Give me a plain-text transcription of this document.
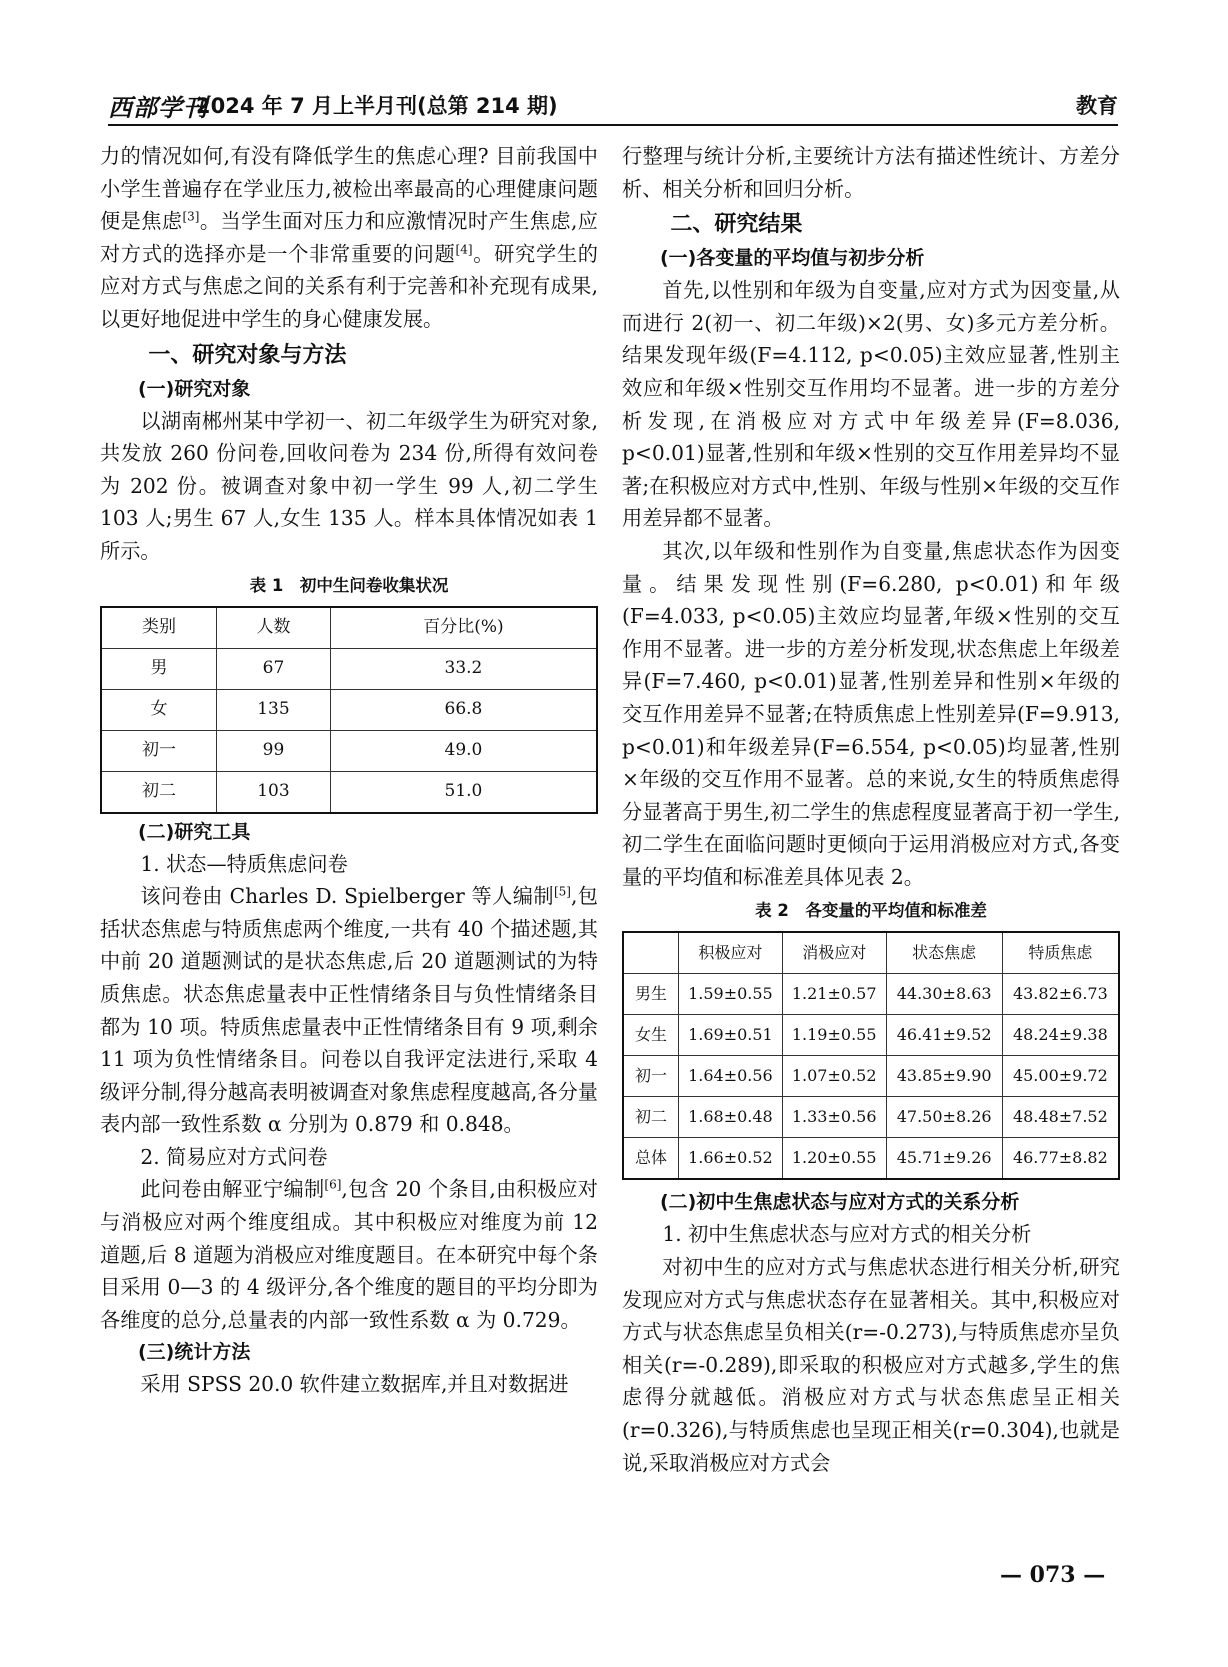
西部学刊
2024 年 7 月上半月刊(总第 214 期)	教育

力的情况如何,有没有降低学生的焦虑心理? 目前我国中小学生普遍存在学业压力,被检出率最高的心理健康问题便是焦虑[3]。当学生面对压力和应激情况时产生焦虑,应对方式的选择亦是一个非常重要的问题[4]。研究学生的应对方式与焦虑之间的关系有利于完善和补充现有成果,以更好地促进中学生的身心健康发展。

一、研究对象与方法
(一)研究对象

以湖南郴州某中学初一、初二年级学生为研究对象,共发放 260 份问卷,回收问卷为 234 份,所得有效问卷为 202 份。被调查对象中初一学生 99 人,初二学生 103 人;男生 67 人,女生 135 人。样本具体情况如表 1 所示。

表 1　初中生问卷收集状况
类别	人数	百分比(%)
男	67	33.2
女	135	66.8
初一	99	49.0
初二	103	51.0
(二)研究工具

1. 状态—特质焦虑问卷

该问卷由 Charles D. Spielberger 等人编制[5],包括状态焦虑与特质焦虑两个维度,一共有 40 个描述题,其中前 20 道题测试的是状态焦虑,后 20 道题测试的为特质焦虑。状态焦虑量表中正性情绪条目与负性情绪条目都为 10 项。特质焦虑量表中正性情绪条目有 9 项,剩余 11 项为负性情绪条目。问卷以自我评定法进行,采取 4 级评分制,得分越高表明被调查对象焦虑程度越高,各分量表内部一致性系数 α 分别为 0.879 和 0.848。

2. 简易应对方式问卷

此问卷由解亚宁编制[6],包含 20 个条目,由积极应对与消极应对两个维度组成。其中积极应对维度为前 12 道题,后 8 道题为消极应对维度题目。在本研究中每个条目采用 0—3 的 4 级评分,各个维度的题目的平均分即为各维度的总分,总量表的内部一致性系数 α 为 0.729。

(三)统计方法

采用 SPSS 20.0 软件建立数据库,并且对数据进

行整理与统计分析,主要统计方法有描述性统计、方差分析、相关分析和回归分析。

二、研究结果
(一)各变量的平均值与初步分析

首先,以性别和年级为自变量,应对方式为因变量,从而进行 2(初一、初二年级)×2(男、女)多元方差分析。结果发现年级(F=4.112, p<0.05)主效应显著,性别主效应和年级×性别交互作用均不显著。进一步的方差分析发现,在消极应对方式中年级差异(F=8.036, p<0.01)显著,性别和年级×性别的交互作用差异均不显著;在积极应对方式中,性别、年级与性别×年级的交互作用差异都不显著。

其次,以年级和性别作为自变量,焦虑状态作为因变量。结果发现性别(F=6.280, p<0.01)和年级(F=4.033, p<0.05)主效应均显著,年级×性别的交互作用不显著。进一步的方差分析发现,状态焦虑上年级差异(F=7.460, p<0.01)显著,性别差异和性别×年级的交互作用差异不显著;在特质焦虑上性别差异(F=9.913, p<0.01)和年级差异(F=6.554, p<0.05)均显著,性别×年级的交互作用不显著。总的来说,女生的特质焦虑得分显著高于男生,初二学生的焦虑程度显著高于初一学生,初二学生在面临问题时更倾向于运用消极应对方式,各变量的平均值和标准差具体见表 2。

表 2　各变量的平均值和标准差
	积极应对	消极应对	状态焦虑	特质焦虑
男生	1.59±0.55	1.21±0.57	44.30±8.63	43.82±6.73
女生	1.69±0.51	1.19±0.55	46.41±9.52	48.24±9.38
初一	1.64±0.56	1.07±0.52	43.85±9.90	45.00±9.72
初二	1.68±0.48	1.33±0.56	47.50±8.26	48.48±7.52
总体	1.66±0.52	1.20±0.55	45.71±9.26	46.77±8.82
(二)初中生焦虑状态与应对方式的关系分析

1. 初中生焦虑状态与应对方式的相关分析

对初中生的应对方式与焦虑状态进行相关分析,研究发现应对方式与焦虑状态存在显著相关。其中,积极应对方式与状态焦虑呈负相关(r=-0.273),与特质焦虑亦呈负相关(r=-0.289),即采取的积极应对方式越多,学生的焦虑得分就越低。消极应对方式与状态焦虑呈正相关(r=0.326),与特质焦虑也呈现正相关(r=0.304),也就是说,采取消极应对方式会

— 073 —
